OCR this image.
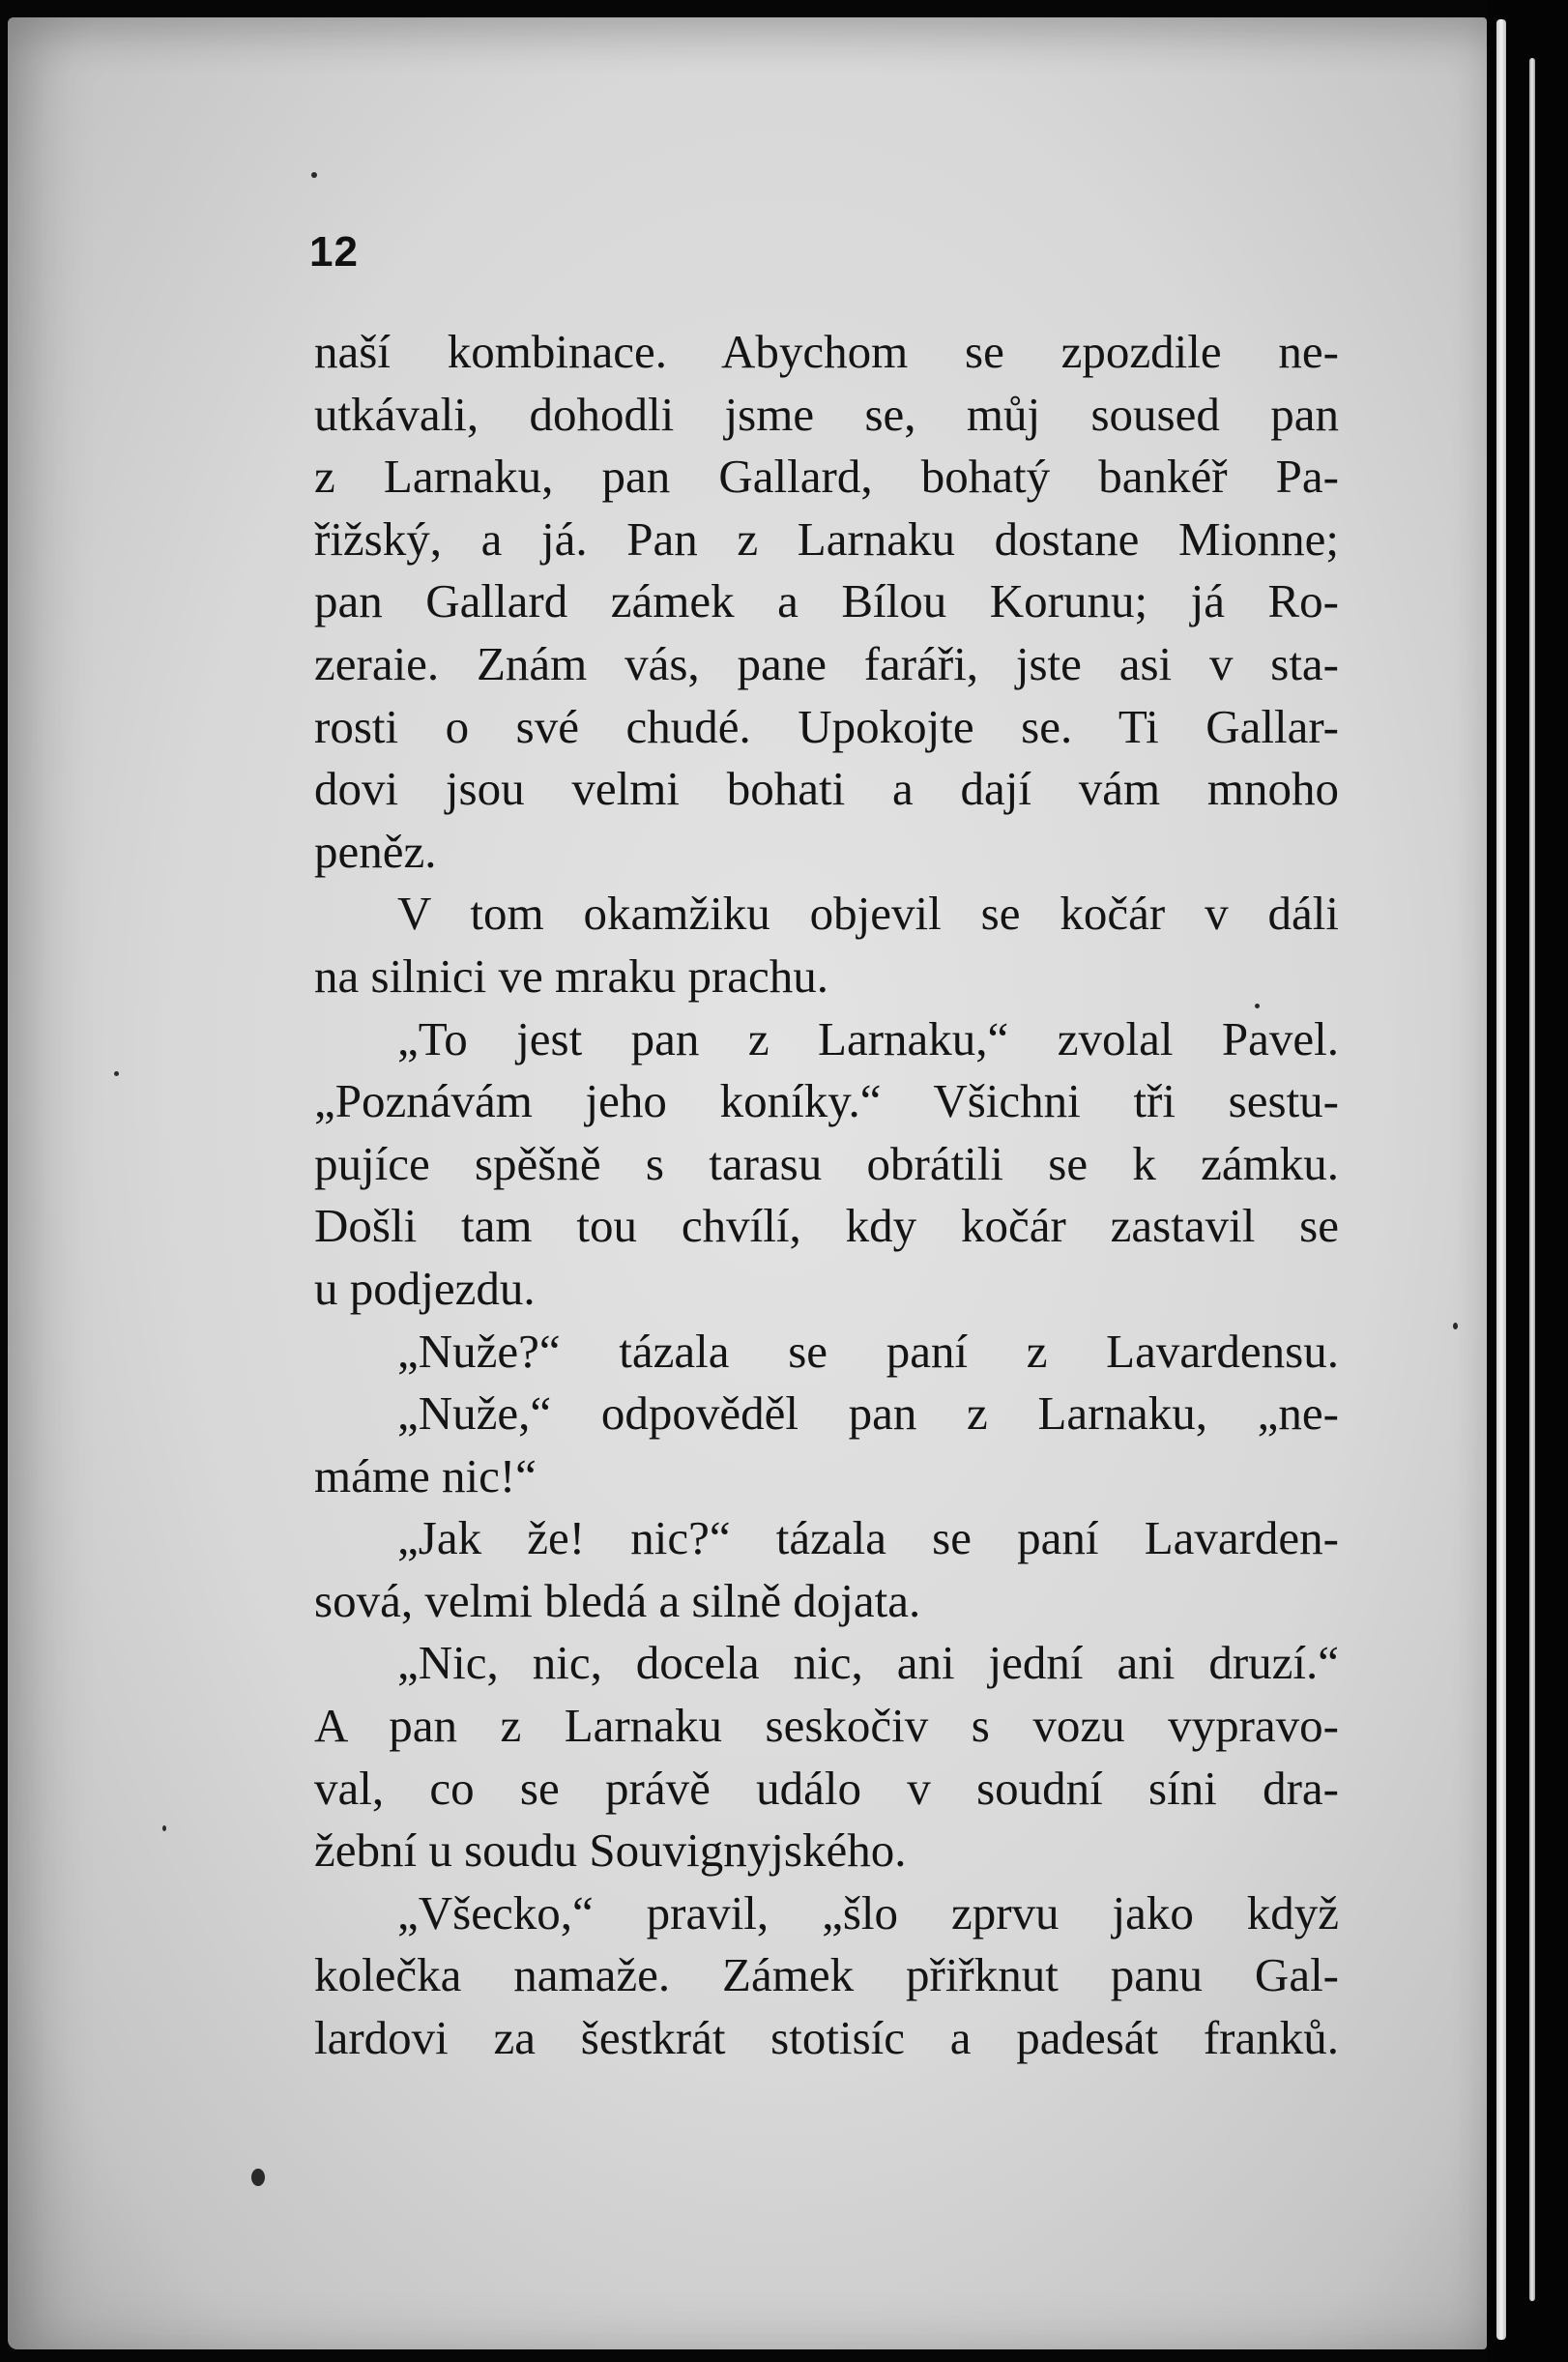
12
naší kombinace. Abychom se zpozdile ne-
utkávali, dohodli jsme se, můj soused pan
z Larnaku, pan Gallard, bohatý bankéř Pa-
řižský, a já. Pan z Larnaku dostane Mionne;
pan Gallard zámek a Bílou Korunu; já Ro-
zeraie. Znám vás, pane faráři, jste asi v sta-
rosti o své chudé. Upokojte se. Ti Gallar-
dovi jsou velmi bohati a dají vám mnoho
peněz.
V tom okamžiku objevil se kočár v dáli
na silnici ve mraku prachu.
„To jest pan z Larnaku,“ zvolal Pavel.
„Poznávám jeho koníky.“ Všichni tři sestu-
pujíce spěšně s tarasu obrátili se k zámku.
Došli tam tou chvílí, kdy kočár zastavil se
u podjezdu.
„Nuže?“ tázala se paní z Lavardensu.
„Nuže,“ odpověděl pan z Larnaku, „ne-
máme nic!“
„Jak že! nic?“ tázala se paní Lavarden-
sová, velmi bledá a silně dojata.
„Nic, nic, docela nic, ani jední ani druzí.“
A pan z Larnaku seskočiv s vozu vypravo-
val, co se právě událo v soudní síni dra-
žební u soudu Souvignyjského.
„Všecko,“ pravil, „šlo zprvu jako když
kolečka namaže. Zámek přiřknut panu Gal-
lardovi za šestkrát stotisíc a padesát franků.
